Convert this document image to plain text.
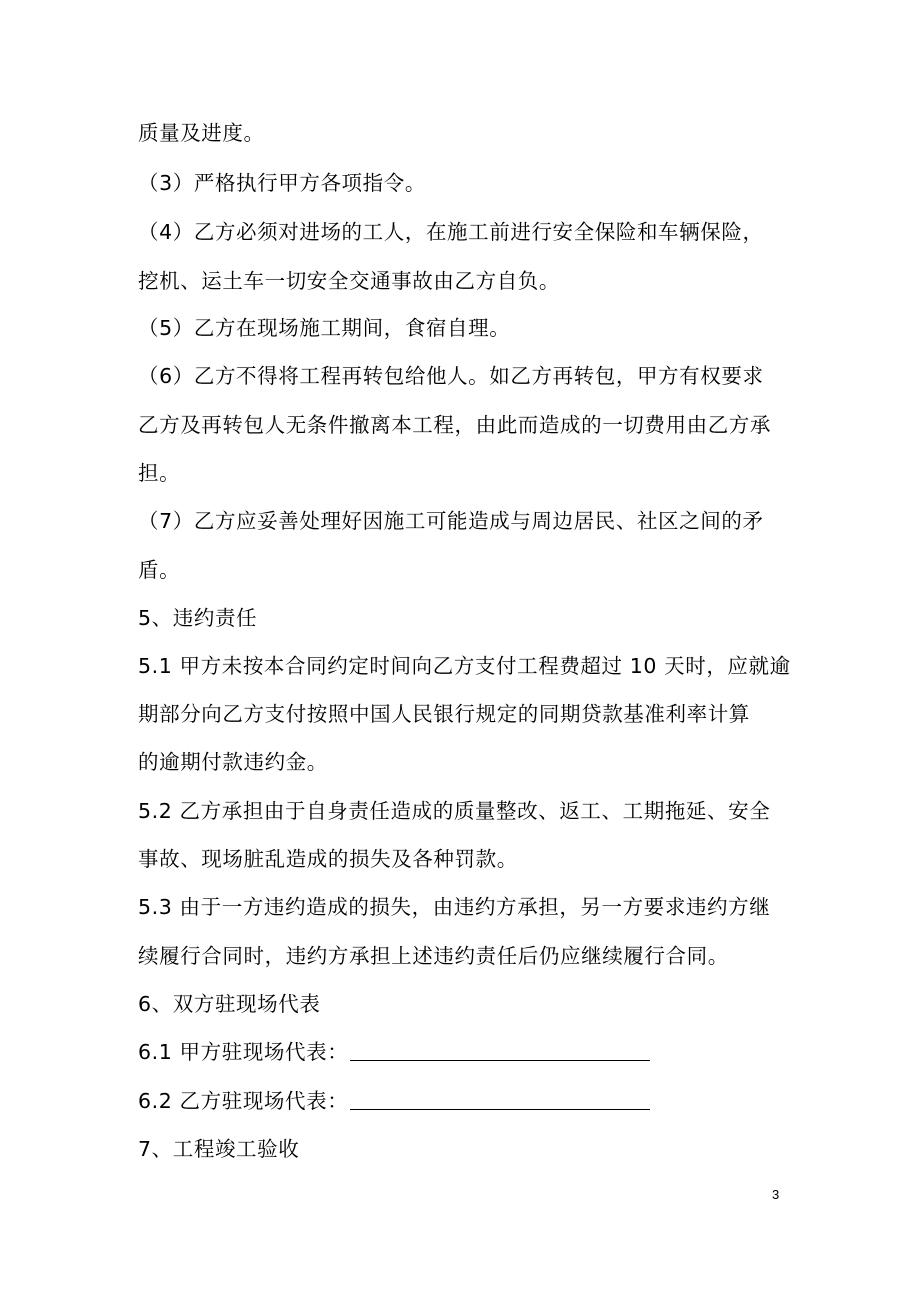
质量及进度。
（3）严格执行甲方各项指令。
（4）乙方必须对进场的工人，在施工前进行安全保险和车辆保险，
挖机、运土车一切安全交通事故由乙方自负。
（5）乙方在现场施工期间，食宿自理。
（6）乙方不得将工程再转包给他人。如乙方再转包，甲方有权要求
乙方及再转包人无条件撤离本工程，由此而造成的一切费用由乙方承
担。
（7）乙方应妥善处理好因施工可能造成与周边居民、社区之间的矛
盾。
5、违约责任
5.1 甲方未按本合同约定时间向乙方支付工程费超过 10 天时，应就逾
期部分向乙方支付按照中国人民银行规定的同期贷款基准利率计算
的逾期付款违约金。
5.2 乙方承担由于自身责任造成的质量整改、返工、工期拖延、安全
事故、现场脏乱造成的损失及各种罚款。
5.3 由于一方违约造成的损失，由违约方承担，另一方要求违约方继
续履行合同时，违约方承担上述违约责任后仍应继续履行合同。
6、双方驻现场代表
6.1 甲方驻现场代表：
6.2 乙方驻现场代表：
7、工程竣工验收
3
